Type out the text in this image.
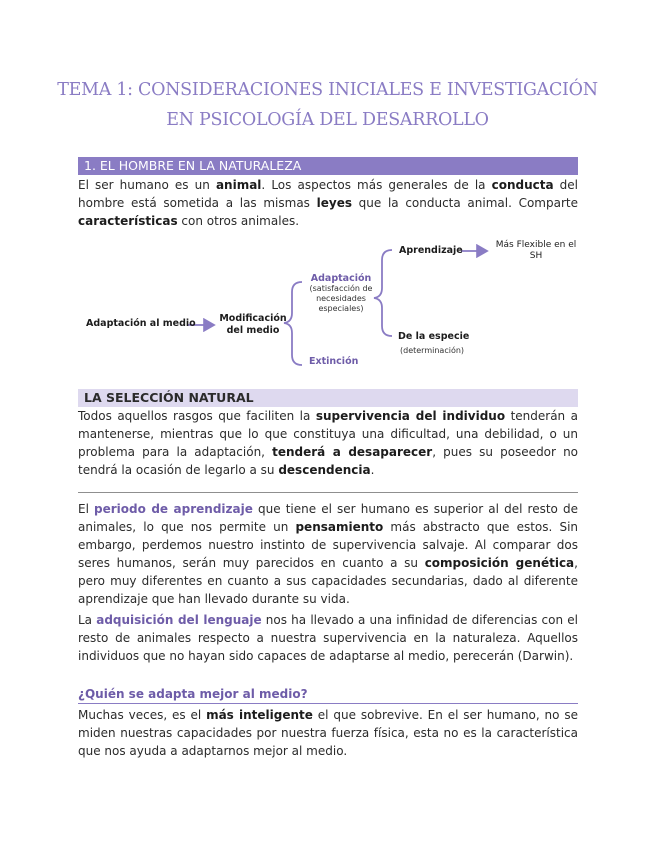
TEMA 1: CONSIDERACIONES INICIALES E INVESTIGACIÓN
EN PSICOLOGÍA DEL DESARROLLO
1. EL HOMBRE EN LA NATURALEZA
El ser humano es un animal. Los aspectos más generales de la conducta del hombre está sometida a las mismas leyes que la conducta animal. Comparte características con otros animales.
Adaptación al medio Modificación
del medio
Adaptación
(satisfacción de
necesidades
especiales)
Extinción
Aprendizaje	Más Flexible en el
SH
De la especie
(determinación)
LA SELECCIÓN NATURAL
Todos aquellos rasgos que faciliten la supervivencia del individuo tenderán a mantenerse, mientras que lo que constituya una dificultad, una debilidad, o un problema para la adaptación, tenderá a desaparecer, pues su poseedor no tendrá la ocasión de legarlo a su descendencia.
El periodo de aprendizaje que tiene el ser humano es superior al del resto de animales, lo que nos permite un pensamiento más abstracto que estos. Sin embargo, perdemos nuestro instinto de supervivencia salvaje. Al comparar dos seres humanos, serán muy parecidos en cuanto a su composición genética, pero muy diferentes en cuanto a sus capacidades secundarias, dado al diferente aprendizaje que han llevado durante su vida.
La adquisición del lenguaje nos ha llevado a una infinidad de diferencias con el resto de animales respecto a nuestra supervivencia en la naturaleza. Aquellos individuos que no hayan sido capaces de adaptarse al medio, perecerán (Darwin).
¿Quién se adapta mejor al medio?
Muchas veces, es el más inteligente el que sobrevive. En el ser humano, no se miden nuestras capacidades por nuestra fuerza física, esta no es la característica que nos ayuda a adaptarnos mejor al medio.
